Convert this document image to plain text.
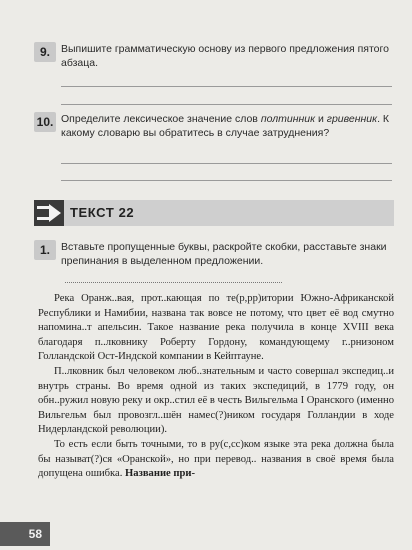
9.	Выпишите грамматическую основу из первого предложения пятого абзаца.
10. Определите лексическое значение слов полтинник и гривенник. К какому словарю вы обратитесь в случае затруднения?
ТЕКСТ 22
1.	Вставьте пропущенные буквы, раскройте скобки, расставьте знаки препинания в выделенном предложении.

Река Оранж..вая, прот..кающая по те(р,рр)итории Южно-Африканской Республики и Намибии, названа так вовсе не потому, что цвет её вод смутно напомина..т апельсин. Такое название река получила в конце XVIII века благодаря п..лковнику Роберту Гордону, командующему г..рнизоном Голландской Ост-Индской компании в Кейптауне.

П..лковник был человеком люб..знательным и часто совершал экспедиц..и внутрь страны. Во время одной из таких экспедиций, в 1779 году, он обн..ружил новую реку и окр..стил её в честь Вильгельма I Оранского (именно Вильгельм был провозгл..шён намес(?)ником государя Голландии в ходе Нидерландской революции).

То есть если быть точными, то в ру(с,сс)ком языке эта река должна была бы называт(?)ся «Оранской», но при перевод.. названия в своё время была допущена ошибка. Название при-

58
